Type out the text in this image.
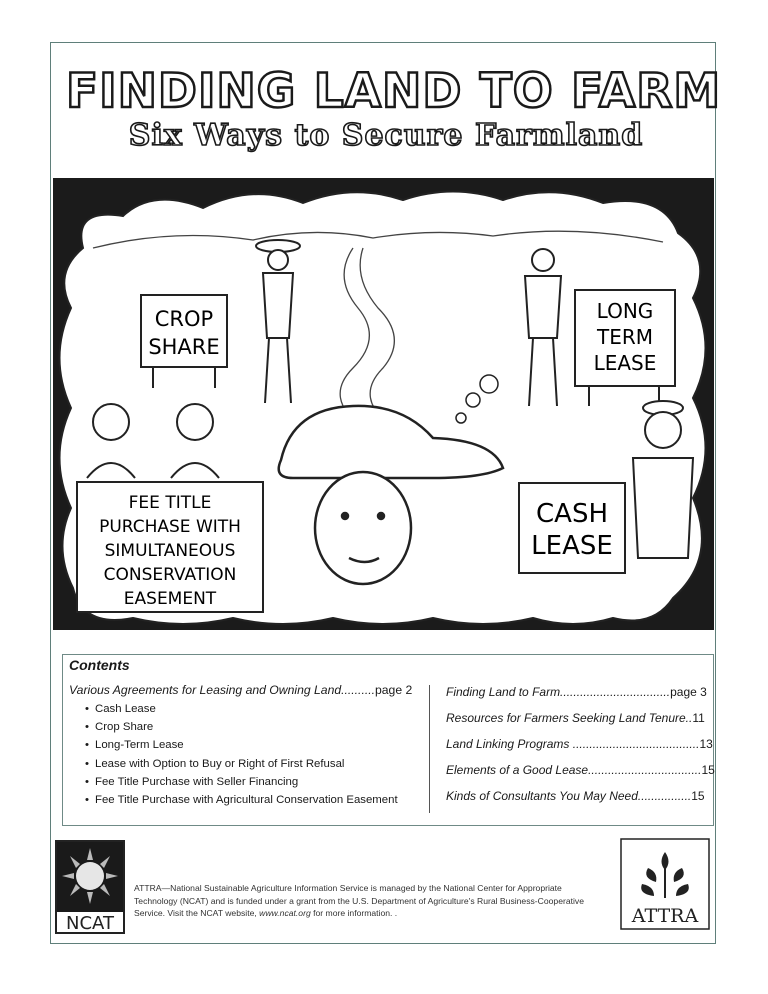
FINDING LAND TO FARM
Six Ways to Secure Farmland
CROP
SHARE
LONG
TERM
LEASE
CASH
LEASE
FEE TITLE
PURCHASE WITH
SIMULTANEOUS
CONSERVATION
EASEMENT
Contents
Various Agreements for Leasing and Owning Land..........page 2
• Cash Lease
• Crop Share
• Long-Term Lease
• Lease with Option to Buy or Right of First Refusal
• Fee Title Purchase with Seller Financing
• Fee Title Purchase with Agricultural Conservation Easement
Finding Land to Farm.................................page 3
Resources for Farmers Seeking Land Tenure..11
Land Linking Programs ......................................13
Elements of a Good Lease..................................15
Kinds of Consultants You May Need................15
NCAT
ATTRA—National Sustainable Agriculture Information Service is managed by the National Center for Appropriate Technology (NCAT) and is funded under a grant from the U.S. Department of Agriculture's Rural Business-Cooperative Service. Visit the NCAT website, www.ncat.org for more information. .	ATTRA
